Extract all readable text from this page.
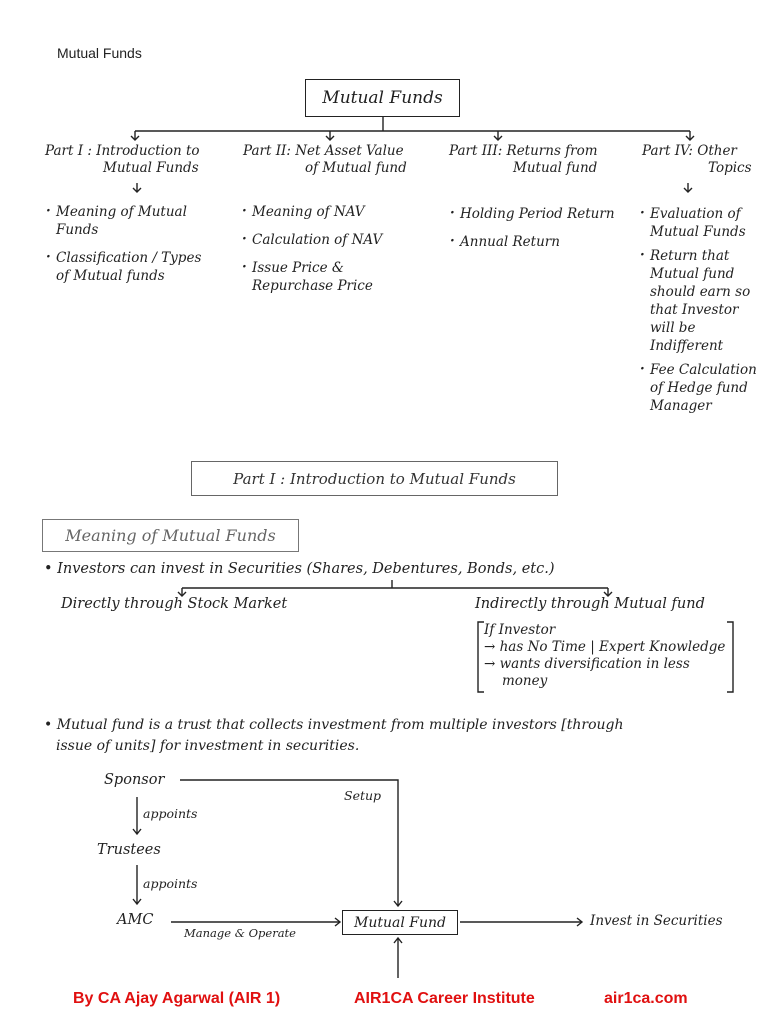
Mutual Funds
Mutual Funds
Part I : Introduction to
Mutual Funds
· Meaning of Mutual Funds
· Classification / Types of Mutual funds
Part II: Net Asset Value
of Mutual fund
· Meaning of NAV
· Calculation of NAV
· Issue Price & Repurchase Price
Part III: Returns from
Mutual fund
· Holding Period Return
· Annual Return
Part IV: Other
Topics
· Evaluation of Mutual Funds
· Return that Mutual fund should earn so that Investor will be Indifferent
· Fee Calculation of Hedge fund Manager
Part I : Introduction to Mutual Funds
Meaning of Mutual Funds
• Investors can invest in Securities (Shares, Debentures, Bonds, etc.)
Directly through Stock Market	Indirectly through Mutual fund
If Investor
→ has No Time | Expert Knowledge
→ wants diversification in less
money
• Mutual fund is a trust that collects investment from multiple investors [through
issue of units] for investment in securities.
Sponsor
appoints
Trustees
appoints
AMC
Setup
Manage & Operate
Mutual Fund	Invest in Securities
By CA Ajay Agarwal (AIR 1)	AIR1CA Career Institute	air1ca.com
